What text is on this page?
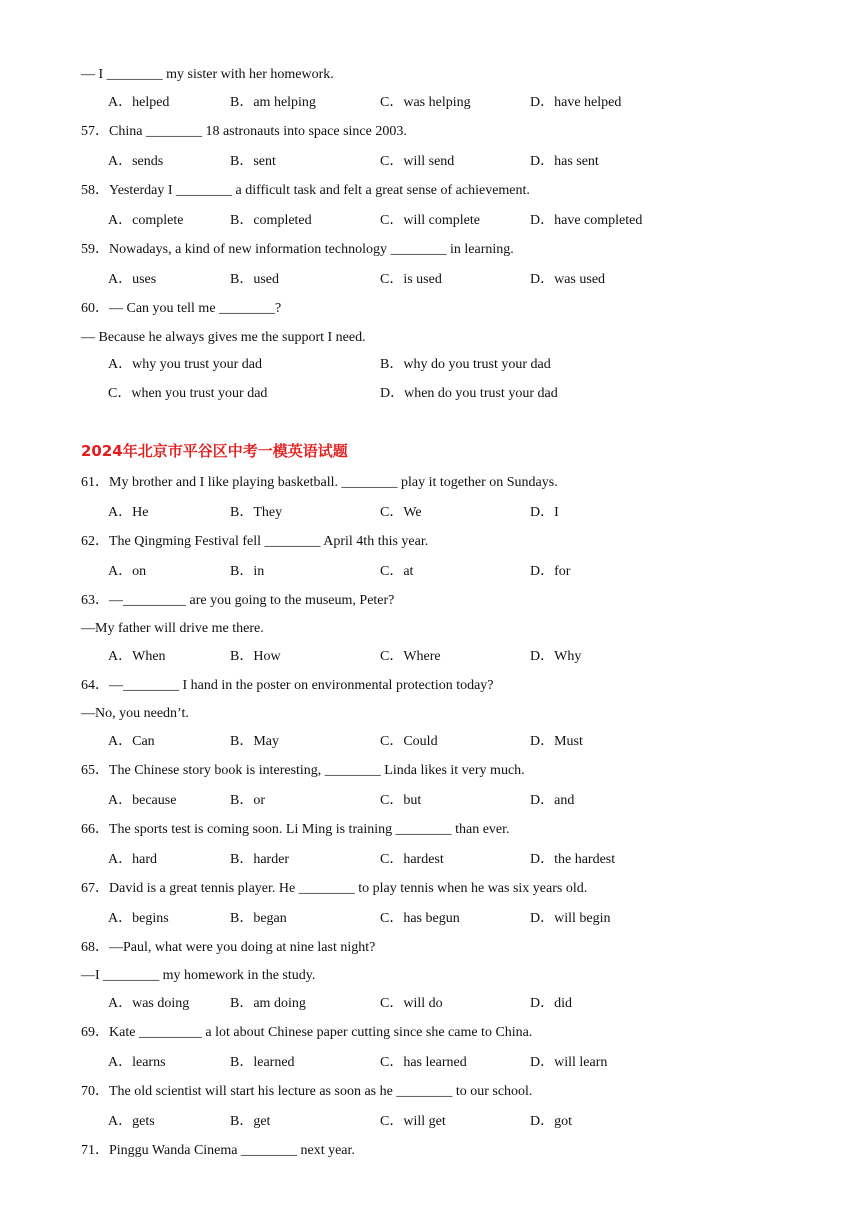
— I ________ my sister with her homework.
A．helped	B．am helping	C．was helping	D．have helped
57．China ________ 18 astronauts into space since 2003.
A．sends	B．sent	C．will send	D．has sent
58．Yesterday I ________ a difficult task and felt a great sense of achievement.
A．complete	B．completed	C．will complete	D．have completed
59．Nowadays, a kind of new information technology ________ in learning.
A．uses	B．used	C．is used	D．was used
60．— Can you tell me ________?
— Because he always gives me the support I need.
A．why you trust your dad	B．why do you trust your dad
C．when you trust your dad	D．when do you trust your dad
2024年北京市平谷区中考一模英语试题
61．My brother and I like playing basketball. ________ play it together on Sundays.
A．He	B．They	C．We	D．I
62．The Qingming Festival fell ________ April 4th this year.
A．on	B．in	C．at	D．for
63．—_________ are you going to the museum, Peter?
—My father will drive me there.
A．When	B．How	C．Where	D．Why
64．—________ I hand in the poster on environmental protection today?
—No, you needn’t.
A．Can	B．May	C．Could	D．Must
65．The Chinese story book is interesting, ________ Linda likes it very much.
A．because	B．or	C．but	D．and
66．The sports test is coming soon. Li Ming is training ________ than ever.
A．hard	B．harder	C．hardest	D．the hardest
67．David is a great tennis player. He ________ to play tennis when he was six years old.
A．begins	B．began	C．has begun	D．will begin
68．—Paul, what were you doing at nine last night?
—I ________ my homework in the study.
A．was doing	B．am doing	C．will do	D．did
69．Kate _________ a lot about Chinese paper cutting since she came to China.
A．learns	B．learned	C．has learned	D．will learn
70．The old scientist will start his lecture as soon as he ________ to our school.
A．gets	B．get	C．will get	D．got
71．Pinggu Wanda Cinema ________ next year.
